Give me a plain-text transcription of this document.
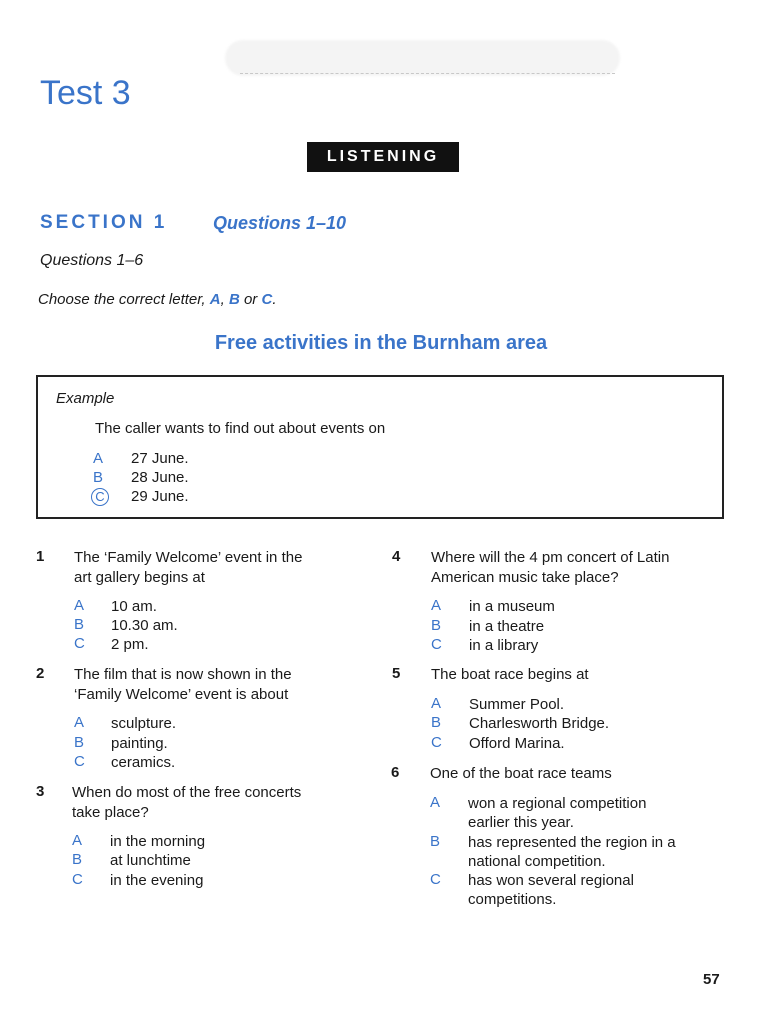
Test 3
LISTENING
SECTION 1	Questions 1–10
Questions 1–6
Choose the correct letter, A, B or C.
Free activities in the Burnham area
Example
The caller wants to find out about events on
A	27 June.
B	28 June.
C	29 June.
1 The ‘Family Welcome’ event in the
art gallery begins at
A 10 am.
B 10.30 am.
C 2 pm.
2 The film that is now shown in the
‘Family Welcome’ event is about
A sculpture.
B painting.
C ceramics.
3 When do most of the free concerts
take place?
A in the morning
B at lunchtime
C in the evening
4 Where will the 4 pm concert of Latin
American music take place?
A in a museum
B in a theatre
C in a library
5 The boat race begins at
A Summer Pool.
B Charlesworth Bridge.
C Offord Marina.
6 One of the boat race teams
A won a regional competition
earlier this year.
B has represented the region in a
national competition.
C has won several regional
competitions.
57
